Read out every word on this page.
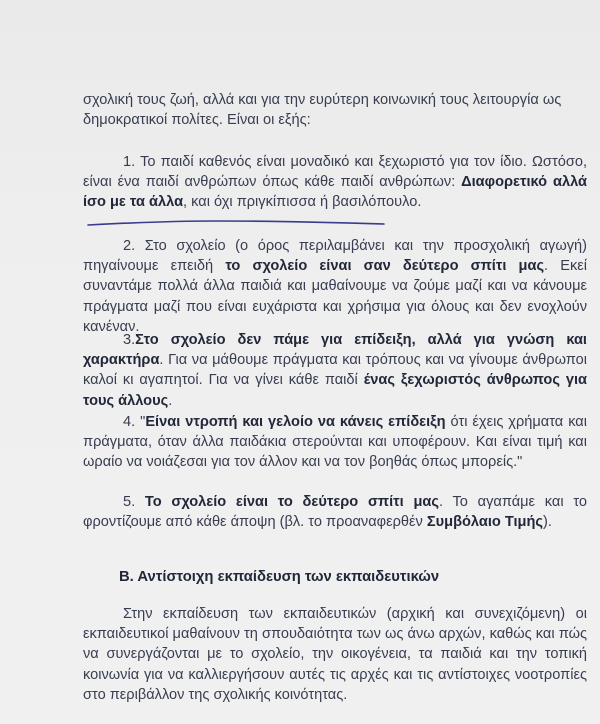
σχολική τους ζωή, αλλά και για την ευρύτερη κοινωνική τους λειτουργία ως
δημοκρατικοί πολίτες. Είναι οι εξής:
1. Το παιδί καθενός είναι μοναδικό και ξεχωριστό για τον ίδιο. Ωστόσο, είναι ένα παιδί ανθρώπων όπως κάθε παιδί ανθρώπων: Διαφορετικό αλλά ίσο με τα άλλα, και όχι πριγκίπισσα ή βασιλόπουλο.
2. Στο σχολείο (ο όρος περιλαμβάνει και την προσχολική αγωγή) πηγαίνουμε επειδή το σχολείο είναι σαν δεύτερο σπίτι μας. Εκεί συναντάμε πολλά άλλα παιδιά και μαθαίνουμε να ζούμε μαζί και να κάνουμε πράγματα μαζί που είναι ευχάριστα και χρήσιμα για όλους και δεν ενοχλούν κανέναν.
3.Στο σχολείο δεν πάμε για επίδειξη, αλλά για γνώση και χαρακτήρα. Για να μάθουμε πράγματα και τρόπους και να γίνουμε άνθρωποι καλοί κι αγαπητοί. Για να γίνει κάθε παιδί ένας ξεχωριστός άνθρωπος για τους άλλους.
4. "Είναι ντροπή και γελοίο να κάνεις επίδειξη ότι έχεις χρήματα και πράγματα, όταν άλλα παιδάκια στερούνται και υποφέρουν. Και είναι τιμή και ωραίο να νοιάζεσαι για τον άλλον και να τον βοηθάς όπως μπορείς."
5. Το σχολείο είναι το δεύτερο σπίτι μας. Το αγαπάμε και το φροντίζουμε από κάθε άποψη (βλ. το προαναφερθέν Συμβόλαιο Τιμής).
Β. Αντίστοιχη εκπαίδευση των εκπαιδευτικών
Στην εκπαίδευση των εκπαιδευτικών (αρχική και συνεχιζόμενη) οι εκπαιδευτικοί μαθαίνουν τη σπουδαιότητα των ως άνω αρχών, καθώς και πώς να συνεργάζονται με το σχολείο, την οικογένεια, τα παιδιά και την τοπική κοινωνία για να καλλιεργήσουν αυτές τις αρχές και τις αντίστοιχες νοοτροπίες στο περιβάλλον της σχολικής κοινότητας.
